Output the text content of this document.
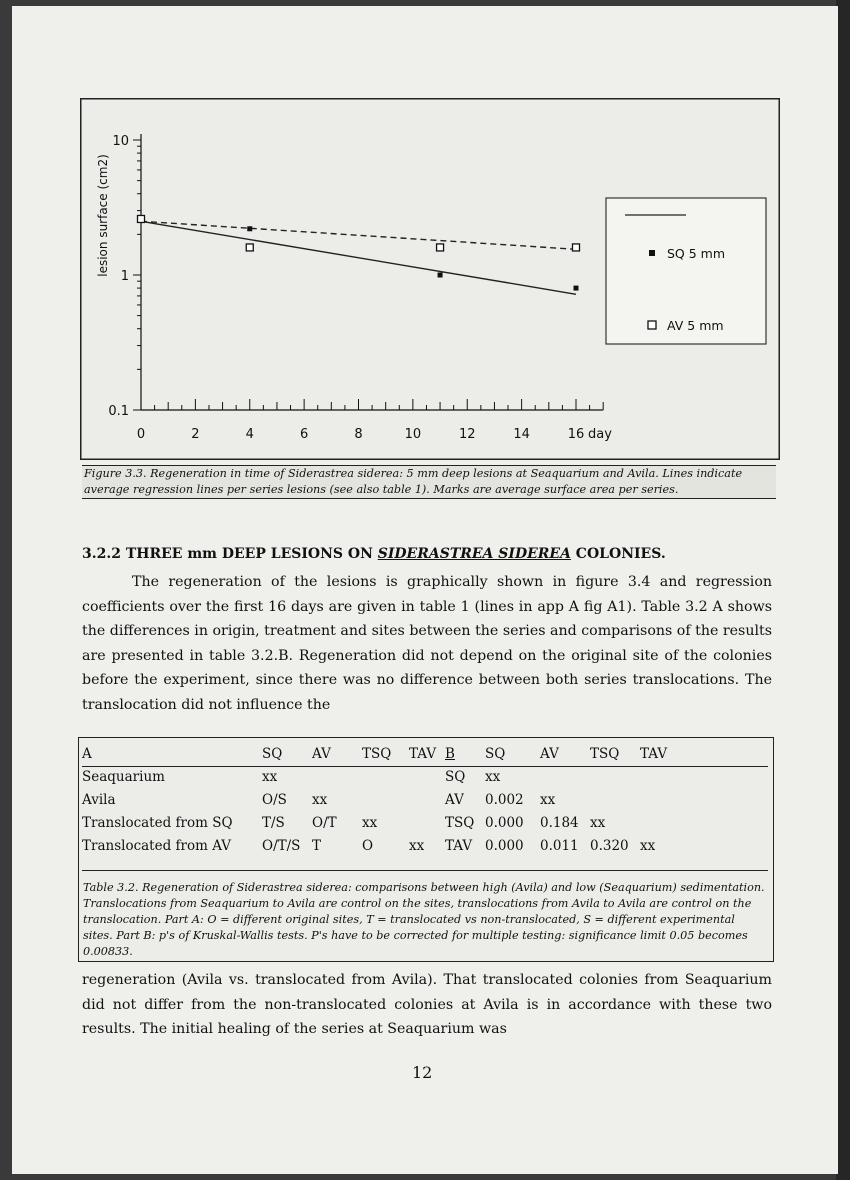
0.1
1
10
0	2	4	6	8	10	12	14	16 day
lesion surface (cm2)	SQ 5 mm
AV 5 mm
Figure 3.3. Regeneration in time of Siderastrea siderea: 5 mm deep lesions at Seaquarium and Avila. Lines indicate average regression lines per series lesions (see also table 1). Marks are average surface area per series.
3.2.2 THREE mm DEEP LESIONS ON SIDERASTREA SIDEREA COLONIES.

The regeneration of the lesions is graphically shown in figure 3.4 and regression coefficients over the first 16 days are given in table 1 (lines in app A fig A1). Table 3.2 A shows the differences in origin, treatment and sites between the series and comparisons of the results are presented in table 3.2.B. Regeneration did not depend on the original site of the colonies before the experiment, since there was no difference between both series translocations. The translocation did not influence the

A	SQ	AV	TSQ	TAV	B	SQ	AV	TSQ	TAV	
Seaquarium	xx				SQ	xx				
Avila	O/S	xx			AV	0.002	xx			
Translocated from SQ	T/S	O/T	xx		TSQ	0.000	0.184	xx		
Translocated from AV	O/T/S	T	O	xx	TAV	0.000	0.011	0.320	xx	
Table 3.2. Regeneration of Siderastrea siderea: comparisons between high (Avila) and low (Seaquarium) sedimentation. Translocations from Seaquarium to Avila are control on the sites, translocations from Avila to Avila are control on the translocation. Part A: O = different original sites, T = translocated vs non-translocated, S = different experimental sites. Part B: p's of Kruskal-Wallis tests. P's have to be corrected for multiple testing: significance limit 0.05 becomes 0.00833.

regeneration (Avila vs. translocated from Avila). That translocated colonies from Seaquarium did not differ from the non-translocated colonies at Avila is in accordance with these two results. The initial healing of the series at Seaquarium was

12
